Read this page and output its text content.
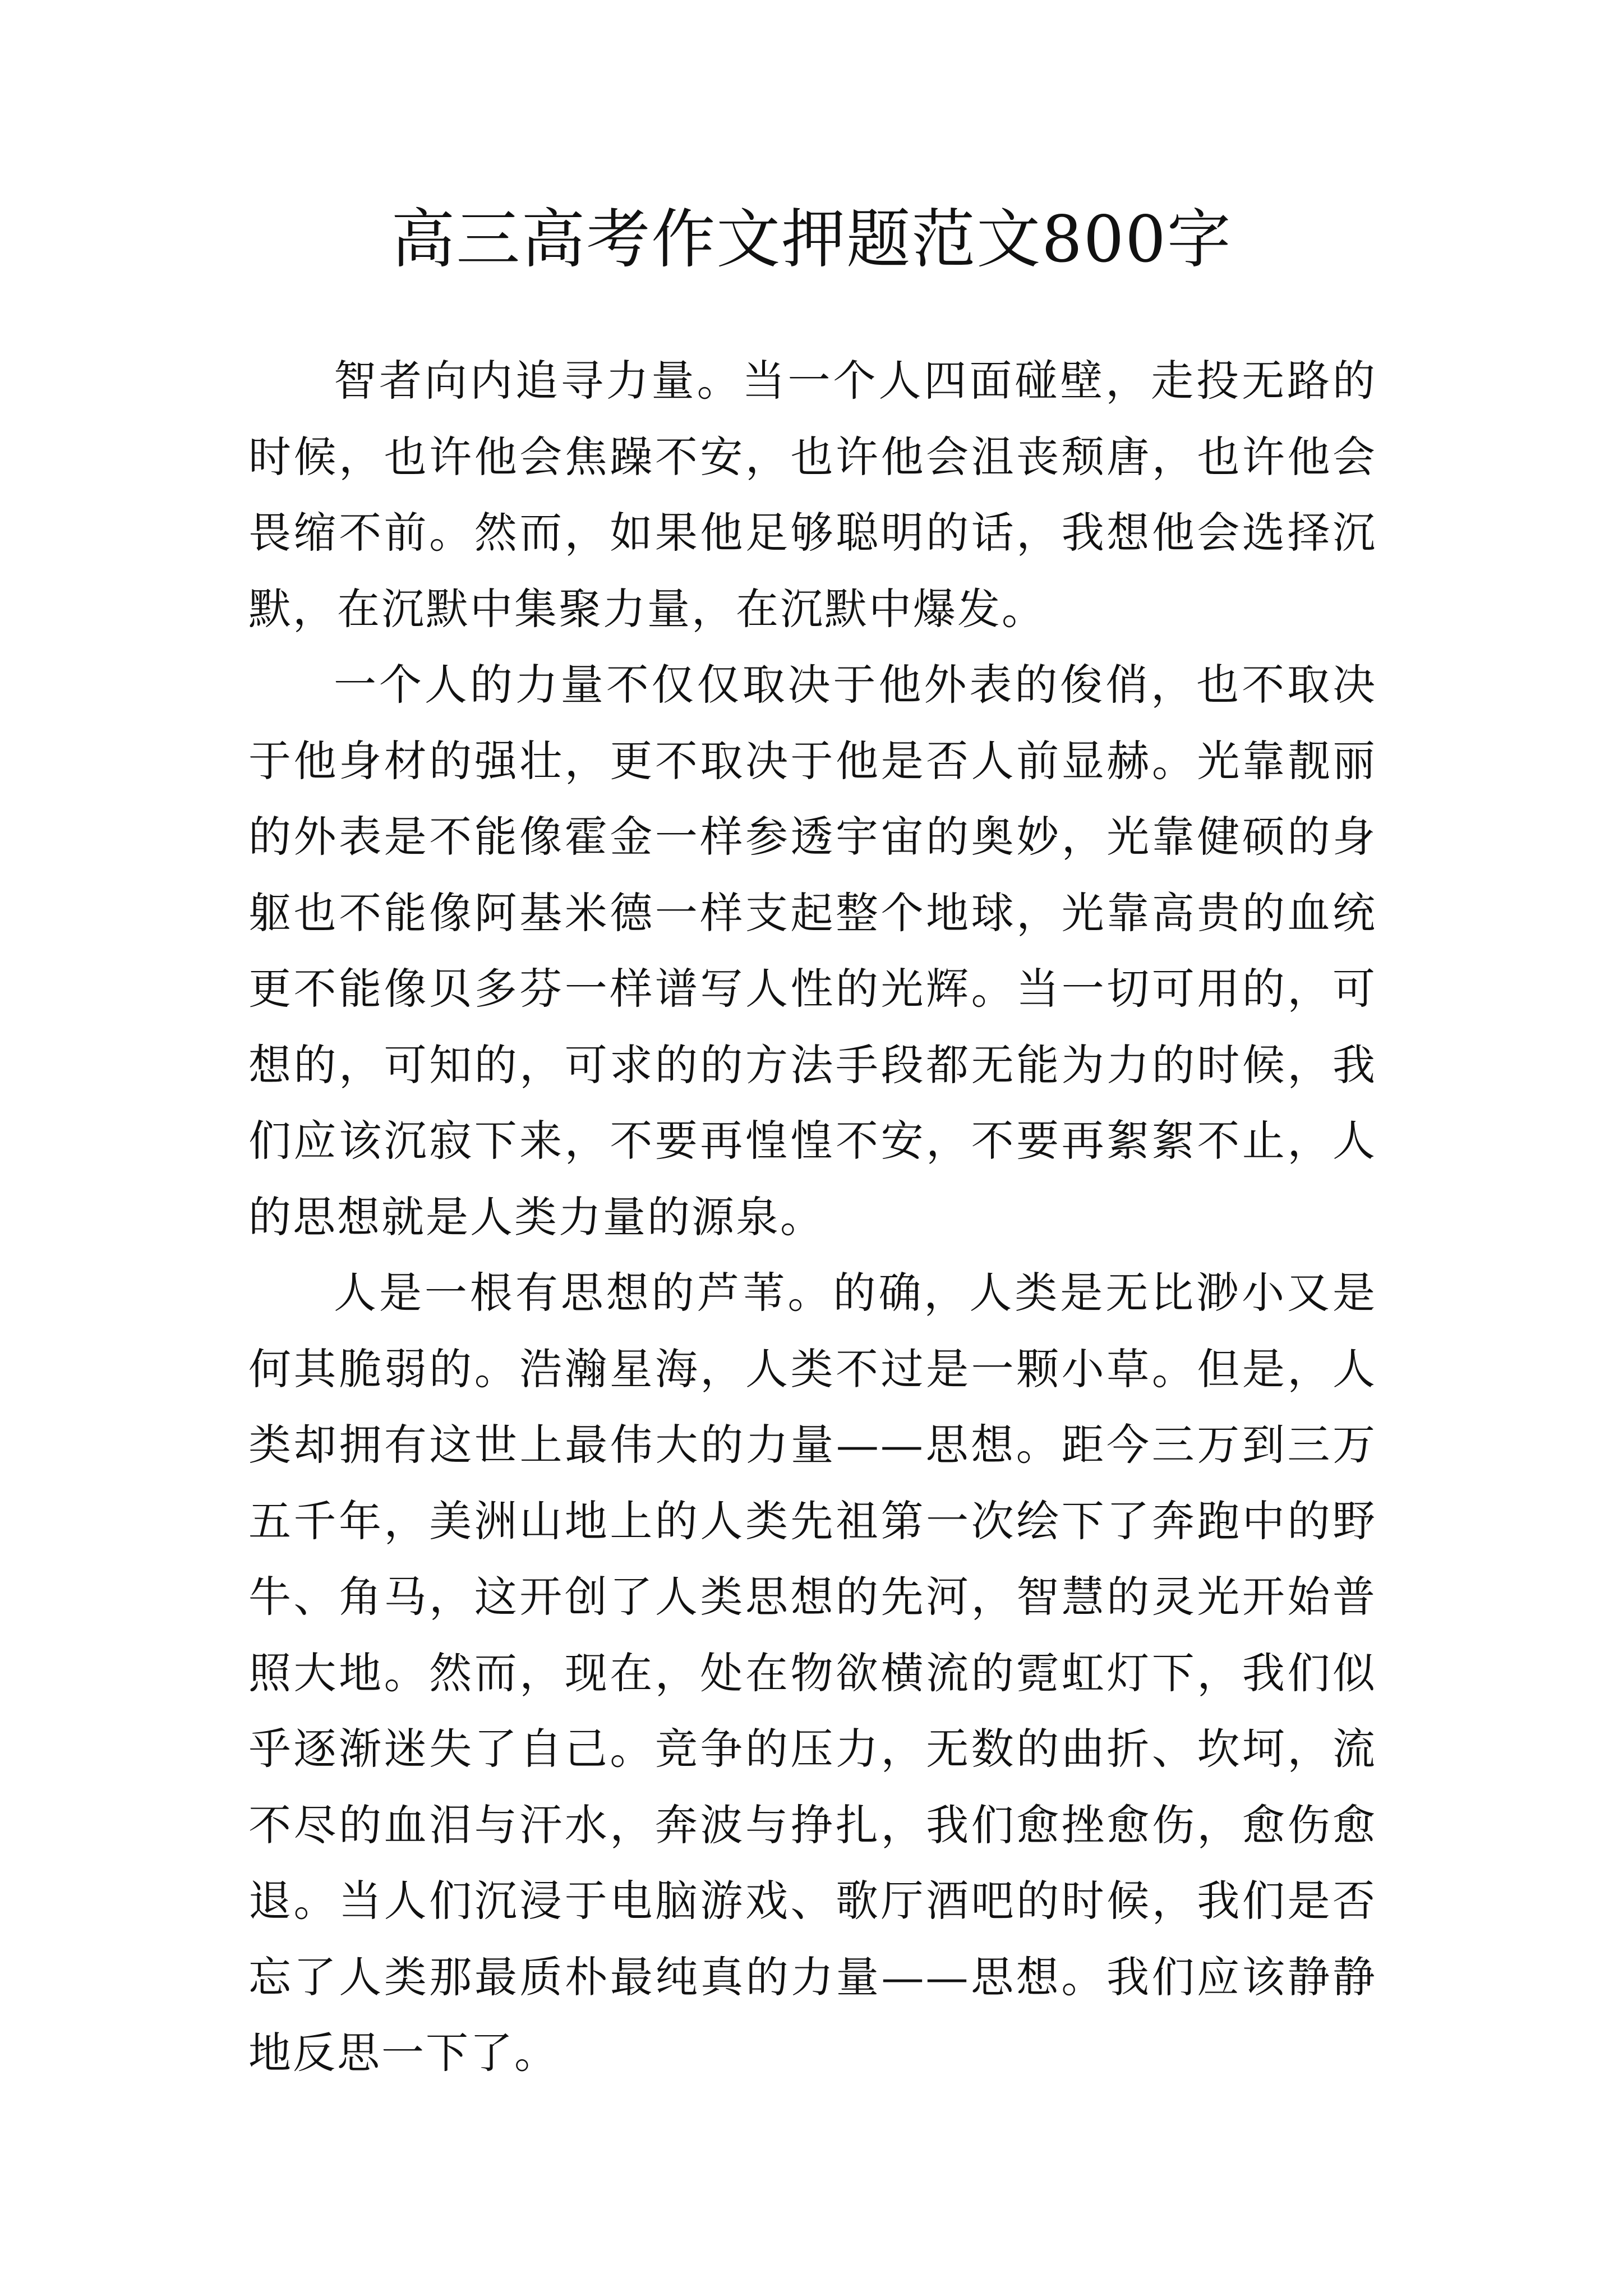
高三高考作文押题范文800字

智者向内追寻力量。当一个人四面碰壁，走投无路的时候，也许他会焦躁不安，也许他会沮丧颓唐，也许他会畏缩不前。然而，如果他足够聪明的话，我想他会选择沉默，在沉默中集聚力量，在沉默中爆发。

一个人的力量不仅仅取决于他外表的俊俏，也不取决于他身材的强壮，更不取决于他是否人前显赫。光靠靓丽的外表是不能像霍金一样参透宇宙的奥妙，光靠健硕的身躯也不能像阿基米德一样支起整个地球，光靠高贵的血统更不能像贝多芬一样谱写人性的光辉。当一切可用的，可想的，可知的，可求的的方法手段都无能为力的时候，我们应该沉寂下来，不要再惶惶不安，不要再絮絮不止，人的思想就是人类力量的源泉。

人是一根有思想的芦苇。的确，人类是无比渺小又是何其脆弱的。浩瀚星海，人类不过是一颗小草。但是，人类却拥有这世上最伟大的力量——思想。距今三万到三万五千年，美洲山地上的人类先祖第一次绘下了奔跑中的野牛、角马，这开创了人类思想的先河，智慧的灵光开始普照大地。然而，现在，处在物欲横流的霓虹灯下，我们似乎逐渐迷失了自己。竞争的压力，无数的曲折、坎坷，流不尽的血泪与汗水，奔波与挣扎，我们愈挫愈伤，愈伤愈退。当人们沉浸于电脑游戏、歌厅酒吧的时候，我们是否忘了人类那最质朴最纯真的力量——思想。我们应该静静地反思一下了。
